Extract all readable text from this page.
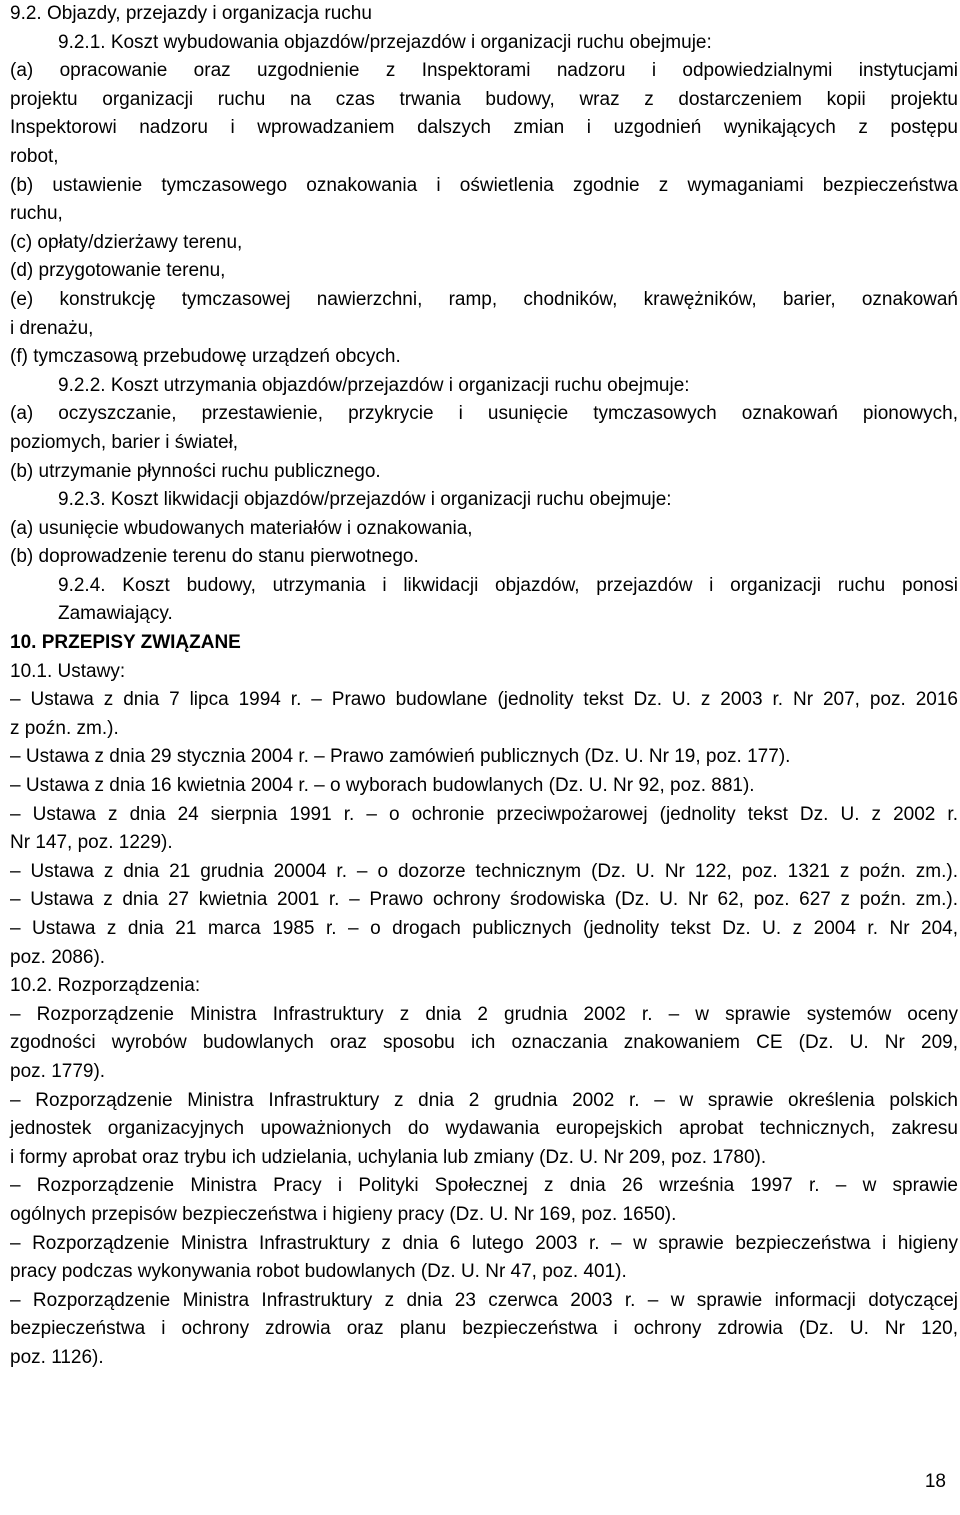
9.2. Objazdy, przejazdy i organizacja ruchu
9.2.1. Koszt wybudowania objazdów/przejazdów i organizacji ruchu obejmuje:
(a) opracowanie oraz uzgodnienie z Inspektorami nadzoru i odpowiedzialnymi instytucjami
projektu organizacji ruchu na czas trwania budowy, wraz z dostarczeniem kopii projektu
Inspektorowi nadzoru i wprowadzaniem dalszych zmian i uzgodnień wynikających z postępu
robot,
(b) ustawienie tymczasowego oznakowania i oświetlenia zgodnie z wymaganiami bezpieczeństwa
ruchu,
(c) opłaty/dzierżawy terenu,
(d) przygotowanie terenu,
(e) konstrukcję tymczasowej nawierzchni, ramp, chodników, krawężników, barier, oznakowań
i drenażu,
(f) tymczasową przebudowę urządzeń obcych.
9.2.2. Koszt utrzymania objazdów/przejazdów i organizacji ruchu obejmuje:
(a) oczyszczanie, przestawienie, przykrycie i usunięcie tymczasowych oznakowań pionowych,
poziomych, barier i świateł,
(b) utrzymanie płynności ruchu publicznego.
9.2.3. Koszt likwidacji objazdów/przejazdów i organizacji ruchu obejmuje:
(a) usunięcie wbudowanych materiałów i oznakowania,
(b) doprowadzenie terenu do stanu pierwotnego.
9.2.4. Koszt budowy, utrzymania i likwidacji objazdów, przejazdów i organizacji ruchu ponosi
Zamawiający.
10. PRZEPISY ZWIĄZANE
10.1. Ustawy:
– Ustawa z dnia 7 lipca 1994 r. – Prawo budowlane (jednolity tekst Dz. U. z 2003 r. Nr 207, poz. 2016
z poźn. zm.).
– Ustawa z dnia 29 stycznia 2004 r. – Prawo zamówień publicznych (Dz. U. Nr 19, poz. 177).
– Ustawa z dnia 16 kwietnia 2004 r. – o wyborach budowlanych (Dz. U. Nr 92, poz. 881).
– Ustawa z dnia 24 sierpnia 1991 r. – o ochronie przeciwpożarowej (jednolity tekst Dz. U. z 2002 r.
Nr 147, poz. 1229).
– Ustawa z dnia 21 grudnia 20004 r. – o dozorze technicznym (Dz. U. Nr 122, poz. 1321 z poźn. zm.).
– Ustawa z dnia 27 kwietnia 2001 r. – Prawo ochrony środowiska (Dz. U. Nr 62, poz. 627 z poźn. zm.).
– Ustawa z dnia 21 marca 1985 r. – o drogach publicznych (jednolity tekst Dz. U. z 2004 r. Nr 204,
poz. 2086).
10.2. Rozporządzenia:
– Rozporządzenie Ministra Infrastruktury z dnia 2 grudnia 2002 r. – w sprawie systemów oceny
zgodności wyrobów budowlanych oraz sposobu ich oznaczania znakowaniem CE (Dz. U. Nr 209,
poz. 1779).
– Rozporządzenie Ministra Infrastruktury z dnia 2 grudnia 2002 r. – w sprawie określenia polskich
jednostek organizacyjnych upoważnionych do wydawania europejskich aprobat technicznych, zakresu
i formy aprobat oraz trybu ich udzielania, uchylania lub zmiany (Dz. U. Nr 209, poz. 1780).
– Rozporządzenie Ministra Pracy i Polityki Społecznej z dnia 26 września 1997 r. – w sprawie
ogólnych przepisów bezpieczeństwa i higieny pracy (Dz. U. Nr 169, poz. 1650).
– Rozporządzenie Ministra Infrastruktury z dnia 6 lutego 2003 r. – w sprawie bezpieczeństwa i higieny
pracy podczas wykonywania robot budowlanych (Dz. U. Nr 47, poz. 401).
– Rozporządzenie Ministra Infrastruktury z dnia 23 czerwca 2003 r. – w sprawie informacji dotyczącej
bezpieczeństwa i ochrony zdrowia oraz planu bezpieczeństwa i ochrony zdrowia (Dz. U. Nr 120,
poz. 1126).
18
